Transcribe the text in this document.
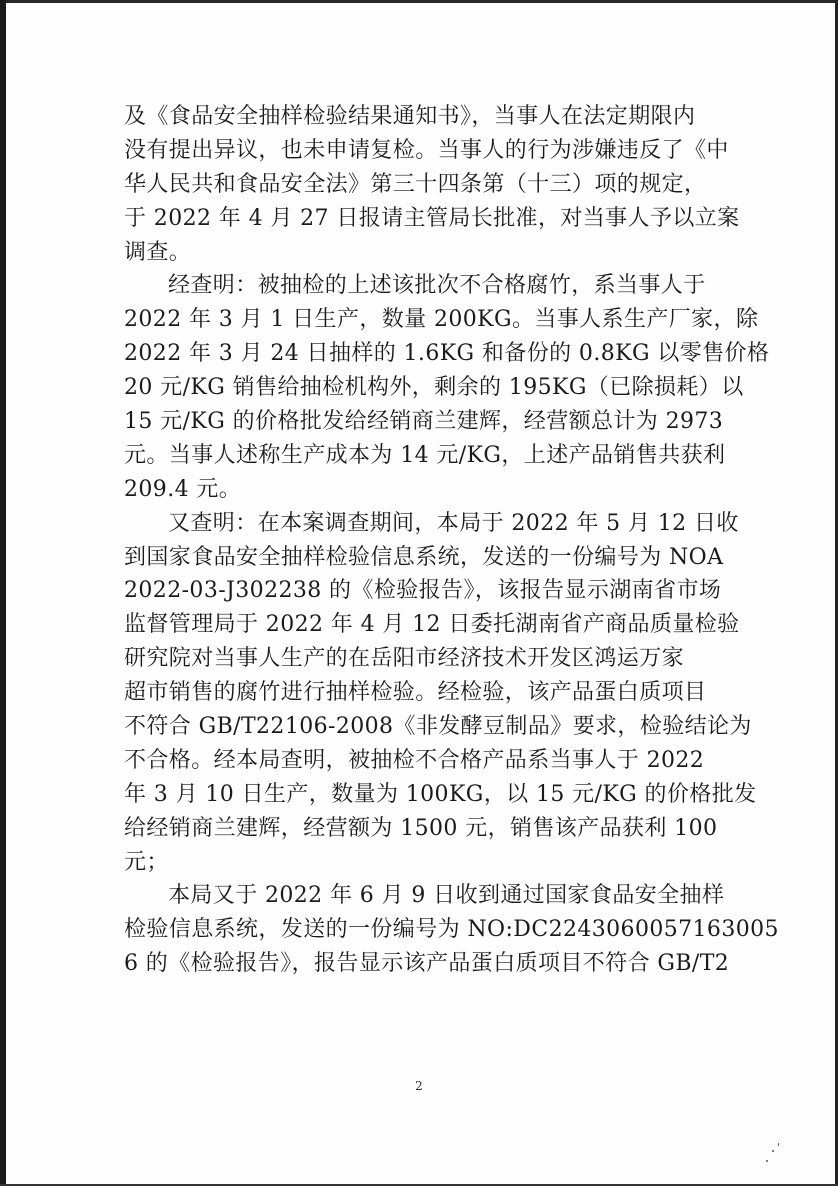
及《食品安全抽样检验结果通知书》，当事人在法定期限内
没有提出异议，也未申请复检。当事人的行为涉嫌违反了《中
华人民共和食品安全法》第三十四条第（十三）项的规定，
于 2022 年 4 月 27 日报请主管局长批准，对当事人予以立案
调查。
经查明：被抽检的上述该批次不合格腐竹，系当事人于
2022 年 3 月 1 日生产，数量 200KG。当事人系生产厂家，除
2022 年 3 月 24 日抽样的 1.6KG 和备份的 0.8KG 以零售价格
20 元/KG 销售给抽检机构外，剩余的 195KG（已除损耗）以
15 元/KG 的价格批发给经销商兰建辉，经营额总计为 2973
元。当事人述称生产成本为 14 元/KG，上述产品销售共获利
209.4 元。
又查明：在本案调查期间，本局于 2022 年 5 月 12 日收
到国家食品安全抽样检验信息系统，发送的一份编号为 NOA
2022-03-J302238 的《检验报告》，该报告显示湖南省市场
监督管理局于 2022 年 4 月 12 日委托湖南省产商品质量检验
研究院对当事人生产的在岳阳市经济技术开发区鸿运万家
超市销售的腐竹进行抽样检验。经检验，该产品蛋白质项目
不符合 GB/T22106-2008《非发酵豆制品》要求，检验结论为
不合格。经本局查明，被抽检不合格产品系当事人于 2022
年 3 月 10 日生产，数量为 100KG，以 15 元/KG 的价格批发
给经销商兰建辉，经营额为 1500 元，销售该产品获利 100
元；
本局又于 2022 年 6 月 9 日收到通过国家食品安全抽样
检验信息系统，发送的一份编号为 NO:DC2243060057163005
6 的《检验报告》，报告显示该产品蛋白质项目不符合 GB/T2
2
